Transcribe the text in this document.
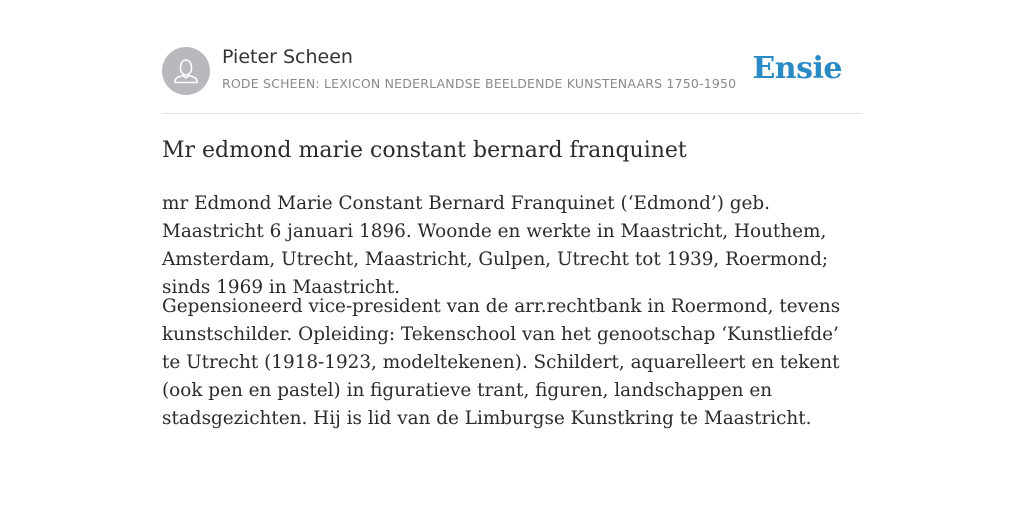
Pieter Scheen
RODE SCHEEN: LEXICON NEDERLANDSE BEELDENDE KUNSTENAARS 1750-1950 Ensie
Mr edmond marie constant bernard franquinet

mr Edmond Marie Constant Bernard Franquinet (‘Edmond’) geb. Maastricht 6 januari 1896. Woonde en werkte in Maastricht, Houthem, Amsterdam, Utrecht, Maastricht, Gulpen, Utrecht tot 1939, Roermond; sinds 1969 in Maastricht.

Gepensioneerd vice-president van de arr.rechtbank in Roermond, tevens kunstschilder. Opleiding: Tekenschool van het genootschap ‘Kunstliefde’ te Utrecht (1918-1923, modeltekenen). Schildert, aquarelleert en tekent (ook pen en pastel) in figuratieve trant, figuren, landschappen en stadsgezichten. Hij is lid van de Limburgse Kunstkring te Maastricht.
